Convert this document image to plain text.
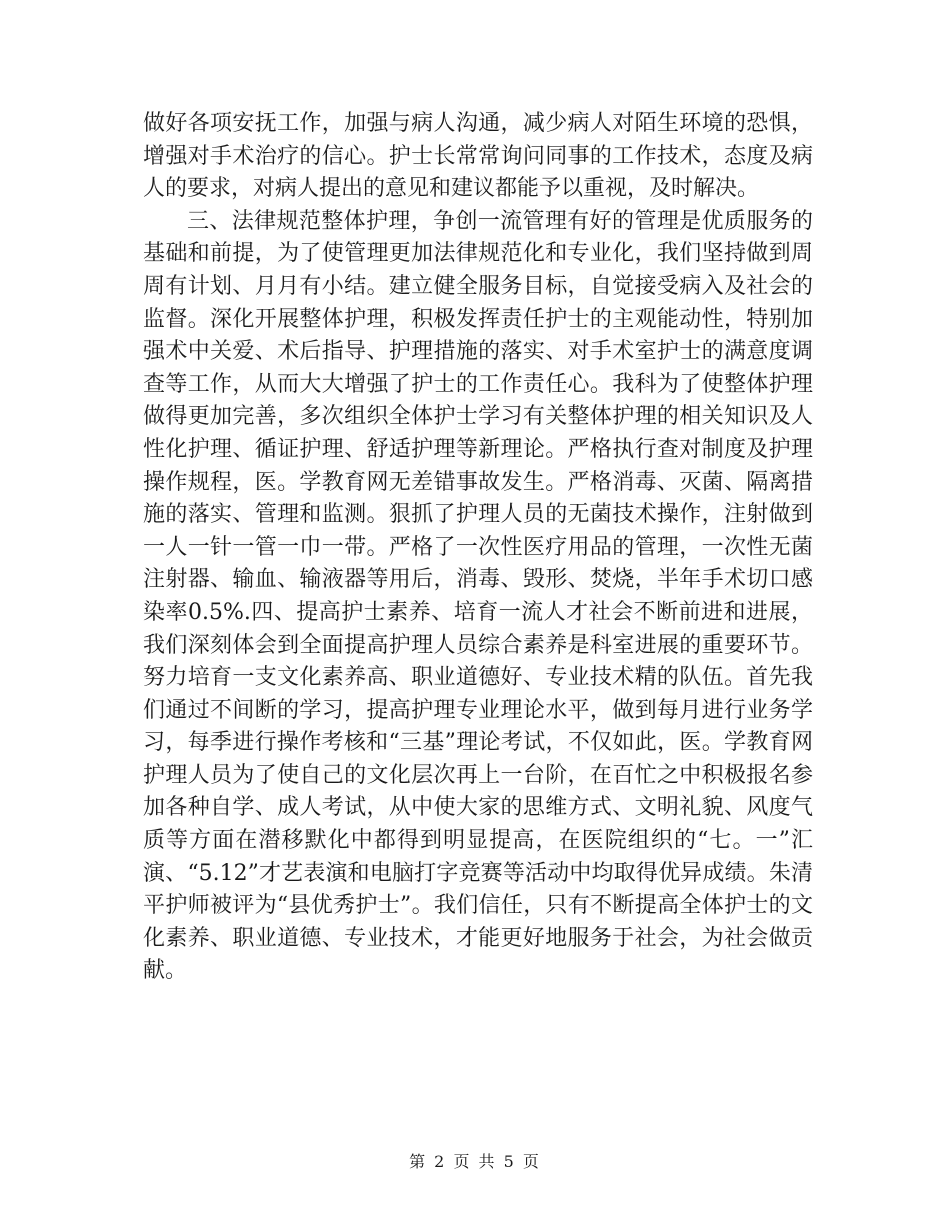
做好各项安抚工作，加强与病人沟通，减少病人对陌生环境的恐惧，增强对手术治疗的信心。护士长常常询问同事的工作技术，态度及病人的要求，对病人提出的意见和建议都能予以重视，及时解决。

三、法律规范整体护理，争创一流管理有好的管理是优质服务的基础和前提，为了使管理更加法律规范化和专业化，我们坚持做到周周有计划、月月有小结。建立健全服务目标，自觉接受病入及社会的监督。深化开展整体护理，积极发挥责任护士的主观能动性，特别加强术中关爱、术后指导、护理措施的落实、对手术室护士的满意度调查等工作，从而大大增强了护士的工作责任心。我科为了使整体护理做得更加完善，多次组织全体护士学习有关整体护理的相关知识及人性化护理、循证护理、舒适护理等新理论。严格执行查对制度及护理操作规程，医。学教育网无差错事故发生。严格消毒、灭菌、隔离措施的落实、管理和监测。狠抓了护理人员的无菌技术操作，注射做到一人一针一管一巾一带。严格了一次性医疗用品的管理，一次性无菌注射器、输血、输液器等用后，消毒、毁形、焚烧，半年手术切口感染率0.5%.四、提高护士素养、培育一流人才社会不断前进和进展，我们深刻体会到全面提高护理人员综合素养是科室进展的重要环节。努力培育一支文化素养高、职业道德好、专业技术精的队伍。首先我们通过不间断的学习，提高护理专业理论水平，做到每月进行业务学习，每季进行操作考核和“三基”理论考试，不仅如此，医。学教育网护理人员为了使自己的文化层次再上一台阶，在百忙之中积极报名参加各种自学、成人考试，从中使大家的思维方式、文明礼貌、风度气质等方面在潜移默化中都得到明显提高，在医院组织的“七。一”汇演、“5.12”才艺表演和电脑打字竞赛等活动中均取得优异成绩。朱清平护师被评为“县优秀护士”。我们信任，只有不断提高全体护士的文化素养、职业道德、专业技术，才能更好地服务于社会，为社会做贡献。

第 2 页 共 5 页
